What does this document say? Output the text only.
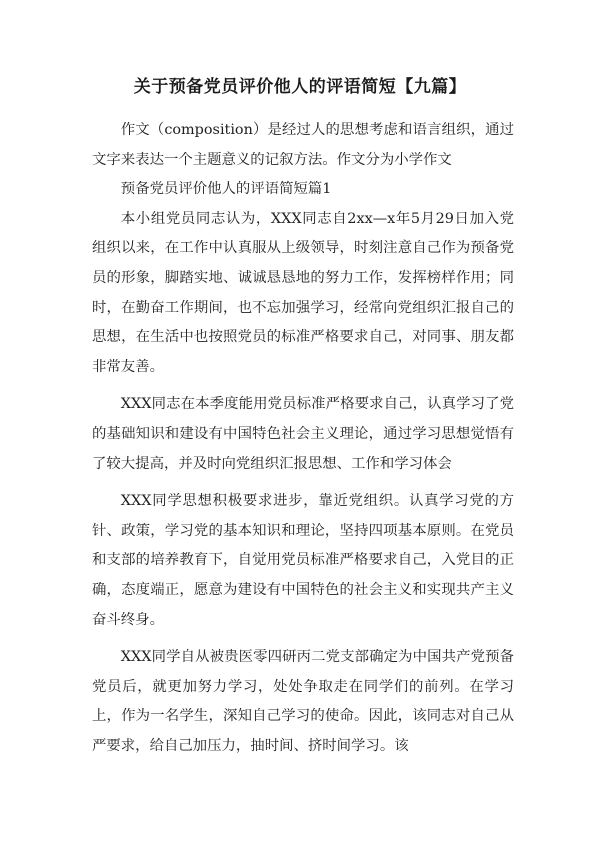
关于预备党员评价他人的评语简短【九篇】

作文（composition）是经过人的思想考虑和语言组织，通过文字来表达一个主题意义的记叙方法。作文分为小学作文

预备党员评价他人的评语简短篇1

本小组党员同志认为，XXX同志自2xx—x年5月29日加入党组织以来，在工作中认真服从上级领导，时刻注意自己作为预备党员的形象，脚踏实地、诚诚恳恳地的努力工作，发挥榜样作用；同时，在勤奋工作期间，也不忘加强学习，经常向党组织汇报自己的思想，在生活中也按照党员的标准严格要求自己，对同事、朋友都非常友善。

XXX同志在本季度能用党员标准严格要求自己，认真学习了党的基础知识和建设有中国特色社会主义理论，通过学习思想觉悟有了较大提高，并及时向党组织汇报思想、工作和学习体会

XXX同学思想积极要求进步，靠近党组织。认真学习党的方针、政策，学习党的基本知识和理论，坚持四项基本原则。在党员和支部的培养教育下，自觉用党员标准严格要求自己，入党目的正确，态度端正，愿意为建设有中国特色的社会主义和实现共产主义奋斗终身。

XXX同学自从被贵医零四研丙二党支部确定为中国共产党预备党员后，就更加努力学习，处处争取走在同学们的前列。在学习上，作为一名学生，深知自己学习的使命。因此，该同志对自己从严要求，给自己加压力，抽时间、挤时间学习。该
